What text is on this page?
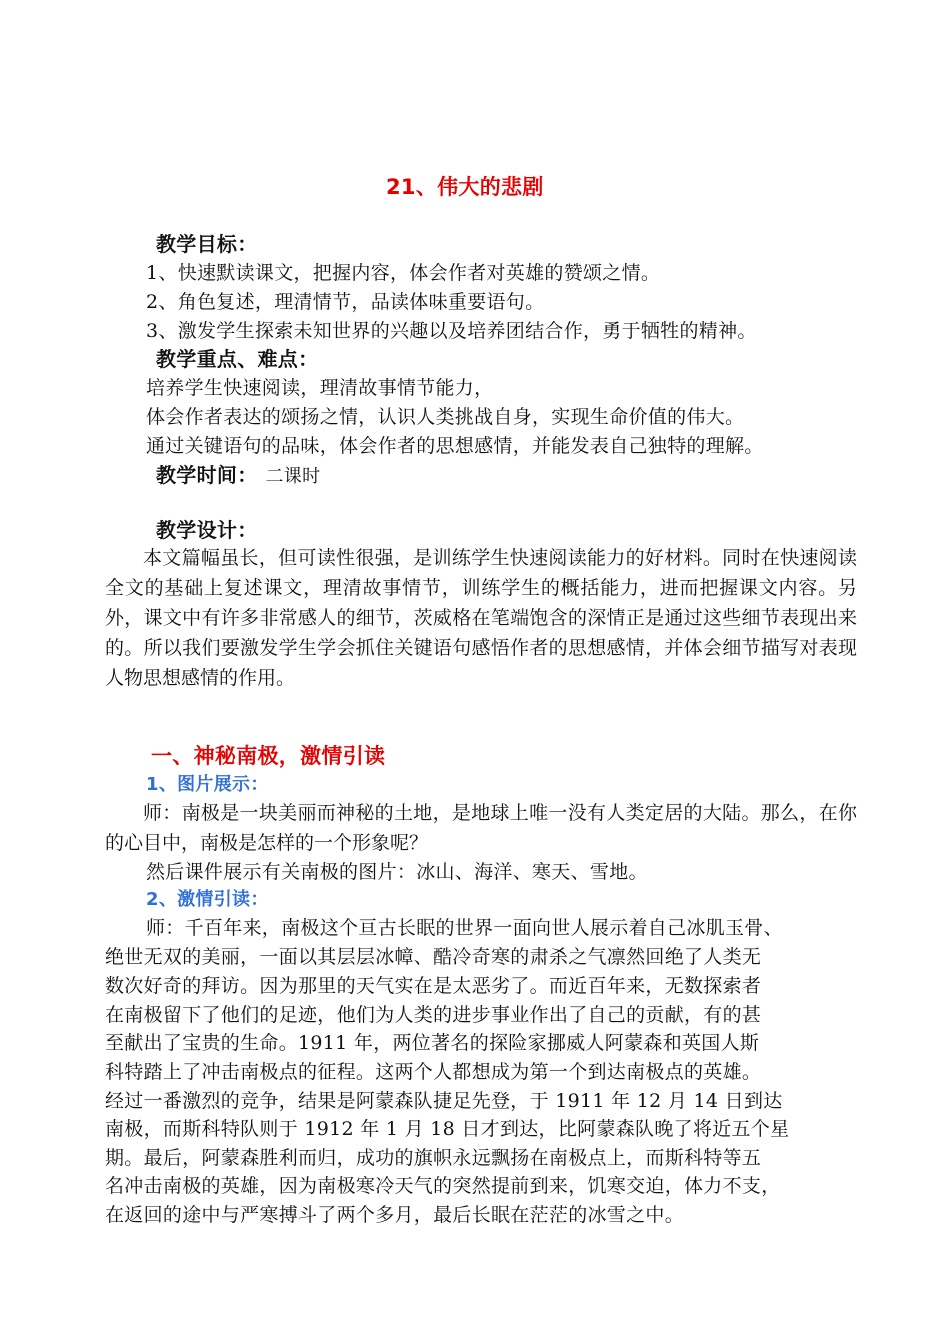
21、伟大的悲剧
教学目标：
1、快速默读课文，把握内容，体会作者对英雄的赞颂之情。
2、角色复述，理清情节，品读体味重要语句。
3、激发学生探索未知世界的兴趣以及培养团结合作，勇于牺牲的精神。
教学重点、难点：
培养学生快速阅读，理清故事情节能力，
体会作者表达的颂扬之情，认识人类挑战自身，实现生命价值的伟大。
通过关键语句的品味，体会作者的思想感情，并能发表自己独特的理解。
教学时间： 二课时
教学设计：

本文篇幅虽长，但可读性很强，是训练学生快速阅读能力的好材料。同时在快速阅读全文的基础上复述课文，理清故事情节，训练学生的概括能力，进而把握课文内容。另外，课文中有许多非常感人的细节，茨威格在笔端饱含的深情正是通过这些细节表现出来的。所以我们要激发学生学会抓住关键语句感悟作者的思想感情，并体会细节描写对表现人物思想感情的作用。

一、神秘南极，激情引读
1、图片展示：

师：南极是一块美丽而神秘的土地，是地球上唯一没有人类定居的大陆。那么，在你的心目中，南极是怎样的一个形象呢？

然后课件展示有关南极的图片：冰山、海洋、寒天、雪地。
2、激情引读：
师：千百年来，南极这个亘古长眠的世界一面向世人展示着自己冰肌玉骨、
绝世无双的美丽，一面以其层层冰幛、酷冷奇寒的肃杀之气凛然回绝了人类无
数次好奇的拜访。因为那里的天气实在是太恶劣了。而近百年来，无数探索者
在南极留下了他们的足迹，他们为人类的进步事业作出了自己的贡献，有的甚
至献出了宝贵的生命。1911 年，两位著名的探险家挪威人阿蒙森和英国人斯
科特踏上了冲击南极点的征程。这两个人都想成为第一个到达南极点的英雄。
经过一番激烈的竞争，结果是阿蒙森队捷足先登，于 1911 年 12 月 14 日到达
南极，而斯科特队则于 1912 年 1 月 18 日才到达，比阿蒙森队晚了将近五个星
期。最后，阿蒙森胜利而归，成功的旗帜永远飘扬在南极点上，而斯科特等五
名冲击南极的英雄，因为南极寒冷天气的突然提前到来，饥寒交迫，体力不支，
在返回的途中与严寒搏斗了两个多月，最后长眠在茫茫的冰雪之中。
